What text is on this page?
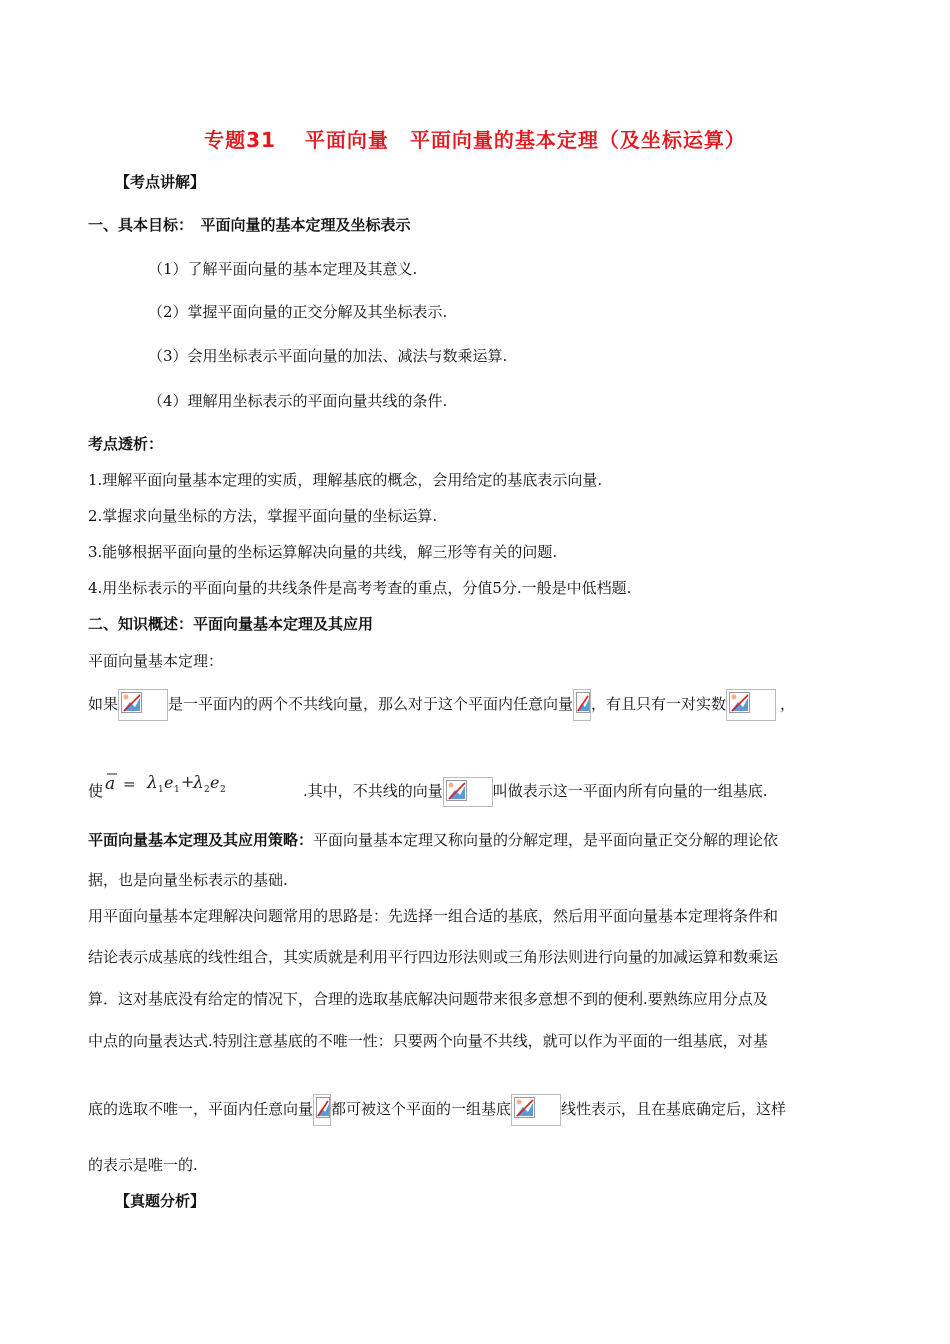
专题31　 平面向量　平面向量的基本定理（及坐标运算）
【考点讲解】
一、具本目标：　平面向量的基本定理及坐标表示
（1）了解平面向量的基本定理及其意义.
（2）掌握平面向量的正交分解及其坐标表示.
（3）会用坐标表示平面向量的加法、减法与数乘运算.
（4）理解用坐标表示的平面向量共线的条件.
考点透析：
1.理解平面向量基本定理的实质，理解基底的概念，会用给定的基底表示向量.
2.掌握求向量坐标的方法，掌握平面向量的坐标运算.
3.能够根据平面向量的坐标运算解决向量的共线，解三形等有关的问题.
4.用坐标表示的平面向量的共线条件是高考考查的重点，分值5分.一般是中低档题.
二、知识概述：平面向量基本定理及其应用
平面向量基本定理：
如果	是一平面内的两个不共线向量，那么对于这个平面内任意向量 ，有且只有一对实数	，
使 a = λ 1 e 1 +
λ 2 e 2	.其中，不共线的向量	叫做表示这一平面内所有向量的一组基底.
平面向量基本定理及其应用策略：平面向量基本定理又称向量的分解定理，是平面向量正交分解的理论依
据，也是向量坐标表示的基础.
用平面向量基本定理解决问题常用的思路是：先选择一组合适的基底，然后用平面向量基本定理将条件和
结论表示成基底的线性组合，其实质就是利用平行四边形法则或三角形法则进行向量的加减运算和数乘运
算．这对基底没有给定的情况下，合理的选取基底解决问题带来很多意想不到的便利.要熟练应用分点及
中点的向量表达式.特别注意基底的不唯一性：只要两个向量不共线，就可以作为平面的一组基底，对基
底的选取不唯一，平面内任意向量 都可被这个平面的一组基底	线性表示，且在基底确定后，这样
的表示是唯一的.
【真题分析】
